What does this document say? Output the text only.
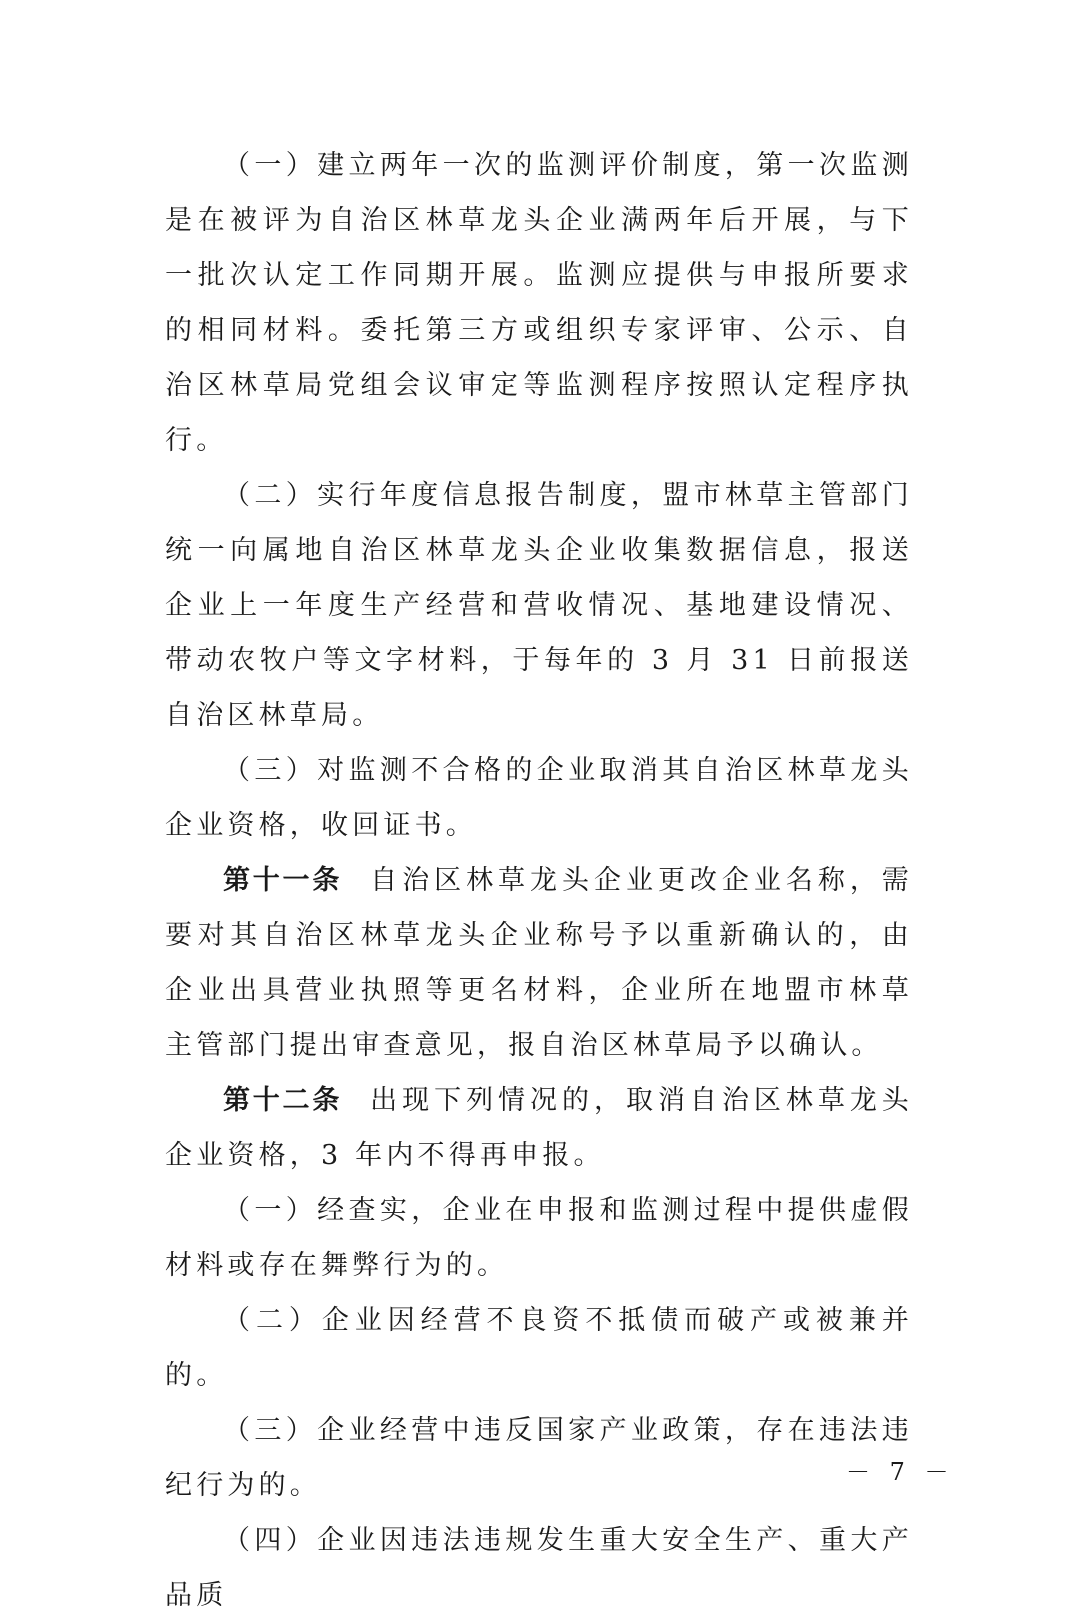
（一）建立两年一次的监测评价制度，第一次监测是在被评为自治区林草龙头企业满两年后开展，与下一批次认定工作同期开展。监测应提供与申报所要求的相同材料。委托第三方或组织专家评审、公示、自治区林草局党组会议审定等监测程序按照认定程序执行。

（二）实行年度信息报告制度，盟市林草主管部门统一向属地自治区林草龙头企业收集数据信息，报送企业上一年度生产经营和营收情况、基地建设情况、带动农牧户等文字材料，于每年的 3 月 31 日前报送自治区林草局。

（三）对监测不合格的企业取消其自治区林草龙头企业资格，收回证书。

第十一条 自治区林草龙头企业更改企业名称，需要对其自治区林草龙头企业称号予以重新确认的，由企业出具营业执照等更名材料，企业所在地盟市林草主管部门提出审查意见，报自治区林草局予以确认。

第十二条 出现下列情况的，取消自治区林草龙头企业资格，3 年内不得再申报。

（一）经查实，企业在申报和监测过程中提供虚假材料或存在舞弊行为的。

（二）企业因经营不良资不抵债而破产或被兼并的。

（三）企业经营中违反国家产业政策，存在违法违纪行为的。

（四）企业因违法违规发生重大安全生产、重大产品质

－ 7 －
